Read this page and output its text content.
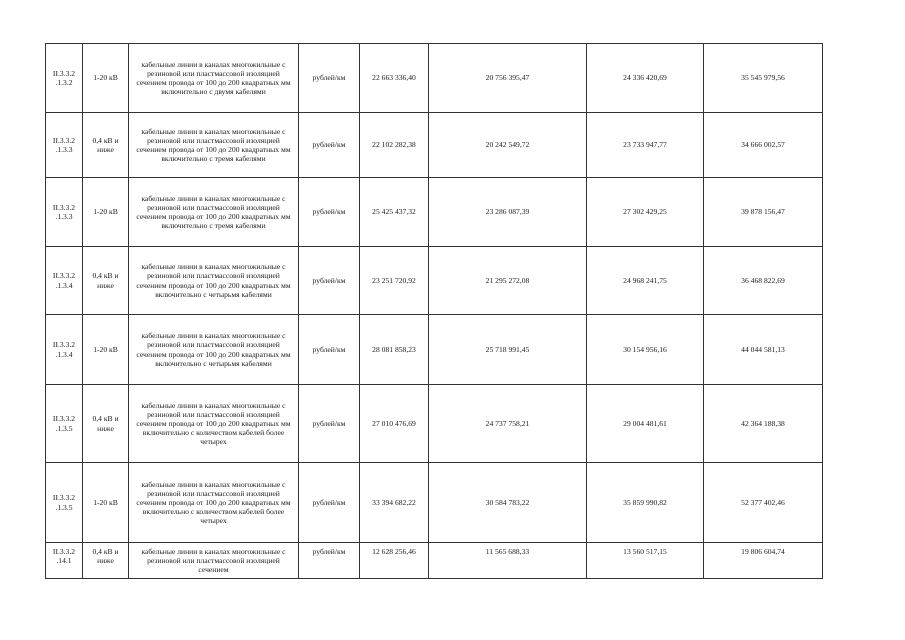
II.3.3.2 .1.3.2	1-20 кВ	кабельные линии в каналах многожильные с резиновой или пластмассовой изоляцией сечением провода от 100 до 200 квадратных мм включительно с двумя кабелями	рублей/км	22 663 336,40	20 756 395,47	24 336 420,69	35 545 979,56
II.3.3.2 .1.3.3	0,4 кВ и ниже	кабельные линии в каналах многожильные с резиновой или пластмассовой изоляцией сечением провода от 100 до 200 квадратных мм включительно с тремя кабелями	рублей/км	22 102 282,38	20 242 549,72	23 733 947,77	34 666 002,57
II.3.3.2 .1.3.3	1-20 кВ	кабельные линии в каналах многожильные с резиновой или пластмассовой изоляцией сечением провода от 100 до 200 квадратных мм включительно с тремя кабелями	рублей/км	25 425 437,32	23 286 087,39	27 302 429,25	39 878 156,47
II.3.3.2 .1.3.4	0,4 кВ и ниже	кабельные линии в каналах многожильные с резиновой или пластмассовой изоляцией сечением провода от 100 до 200 квадратных мм включительно с четырьмя кабелями	рублей/км	23 251 720,92	21 295 272,08	24 968 241,75	36 468 822,69
II.3.3.2 .1.3.4	1-20 кВ	кабельные линии в каналах многожильные с резиновой или пластмассовой изоляцией сечением провода от 100 до 200 квадратных мм включительно с четырьмя кабелями	рублей/км	28 081 858,23	25 718 991,45	30 154 956,16	44 044 581,13
II.3.3.2 .1.3.5	0,4 кВ и ниже	кабельные линии в каналах многожильные с резиновой или пластмассовой изоляцией сечением провода от 100 до 200 квадратных мм включительно с количеством кабелей более четырех	рублей/км	27 010 476,69	24 737 758,21	29 004 481,61	42 364 188,38
II.3.3.2 .1.3.5	1-20 кВ	кабельные линии в каналах многожильные с резиновой или пластмассовой изоляцией сечением провода от 100 до 200 квадратных мм включительно с количеством кабелей более четырех	рублей/км	33 394 682,22	30 584 783,22	35 859 990,82	52 377 402,46
II.3.3.2 .14.1	0,4 кВ и ниже	кабельные линии в каналах многожильные с резиновой или пластмассовой изоляцией сечением	рублей/км	12 628 256,46	11 565 688,33	13 560 517,15	19 806 604,74
